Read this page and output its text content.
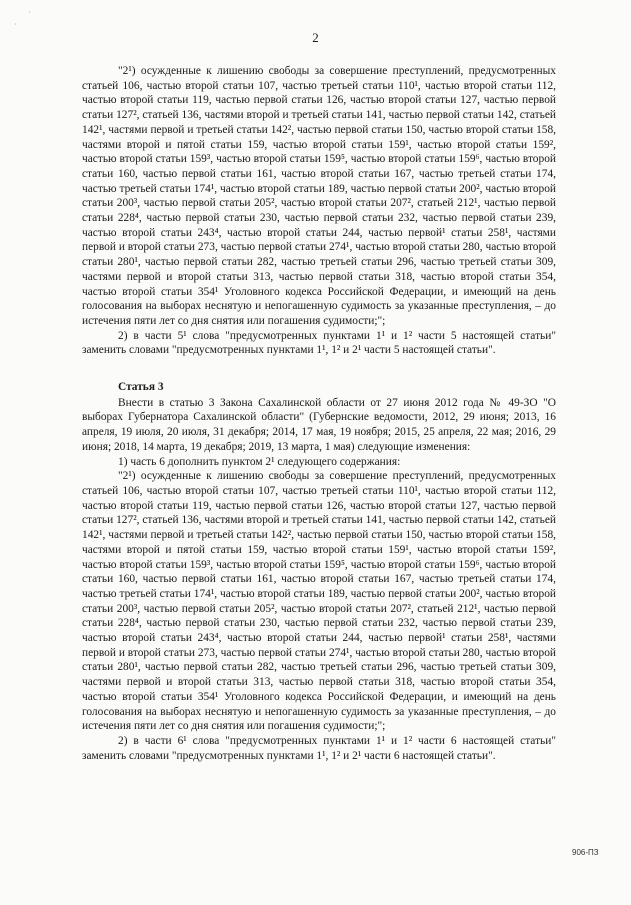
·
·
2

"2¹) осужденные к лишению свободы за совершение преступлений, предусмотренных статьей 106, частью второй статьи 107, частью третьей статьи 110¹, частью второй статьи 112, частью второй статьи 119, частью первой статьи 126, частью второй статьи 127, частью первой статьи 127², статьей 136, частями второй и третьей статьи 141, частью первой статьи 142, статьей 142¹, частями первой и третьей статьи 142², частью первой статьи 150, частью второй статьи 158, частями второй и пятой статьи 159, частью второй статьи 159¹, частью второй статьи 159², частью второй статьи 159³, частью второй статьи 159⁵, частью второй статьи 159⁶, частью второй статьи 160, частью первой статьи 161, частью второй статьи 167, частью третьей статьи 174, частью третьей статьи 174¹, частью второй статьи 189, частью первой статьи 200², частью второй статьи 200³, частью первой статьи 205², частью второй статьи 207², статьей 212¹, частью первой статьи 228⁴, частью первой статьи 230, частью первой статьи 232, частью первой статьи 239, частью второй статьи 243⁴, частью второй статьи 244, частью первой¹ статьи 258¹, частями первой и второй статьи 273, частью первой статьи 274¹, частью второй статьи 280, частью второй статьи 280¹, частью первой статьи 282, частью третьей статьи 296, частью третьей статьи 309, частями первой и второй статьи 313, частью первой статьи 318, частью второй статьи 354, частью второй статьи 354¹ Уголовного кодекса Российской Федерации, и имеющий на день голосования на выборах неснятую и непогашенную судимость за указанные преступления, – до истечения пяти лет со дня снятия или погашения судимости;";

2) в части 5¹ слова "предусмотренных пунктами 1¹ и 1² части 5 настоящей статьи" заменить словами "предусмотренных пунктами 1¹, 1² и 2¹ части 5 настоящей статьи".

Статья 3

Внести в статью 3 Закона Сахалинской области от 27 июня 2012 года № 49-ЗО "О выборах Губернатора Сахалинской области" (Губернские ведомости, 2012, 29 июня; 2013, 16 апреля, 19 июля, 20 июля, 31 декабря; 2014, 17 мая, 19 ноября; 2015, 25 апреля, 22 мая; 2016, 29 июня; 2018, 14 марта, 19 декабря; 2019, 13 марта, 1 мая) следующие изменения:

1) часть 6 дополнить пунктом 2¹ следующего содержания:

"2¹) осужденные к лишению свободы за совершение преступлений, предусмотренных статьей 106, частью второй статьи 107, частью третьей статьи 110¹, частью второй статьи 112, частью второй статьи 119, частью первой статьи 126, частью второй статьи 127, частью первой статьи 127², статьей 136, частями второй и третьей статьи 141, частью первой статьи 142, статьей 142¹, частями первой и третьей статьи 142², частью первой статьи 150, частью второй статьи 158, частями второй и пятой статьи 159, частью второй статьи 159¹, частью второй статьи 159², частью второй статьи 159³, частью второй статьи 159⁵, частью второй статьи 159⁶, частью второй статьи 160, частью первой статьи 161, частью второй статьи 167, частью третьей статьи 174, частью третьей статьи 174¹, частью второй статьи 189, частью первой статьи 200², частью второй статьи 200³, частью первой статьи 205², частью второй статьи 207², статьей 212¹, частью первой статьи 228⁴, частью первой статьи 230, частью первой статьи 232, частью первой статьи 239, частью второй статьи 243⁴, частью второй статьи 244, частью первой¹ статьи 258¹, частями первой и второй статьи 273, частью первой статьи 274¹, частью второй статьи 280, частью второй статьи 280¹, частью первой статьи 282, частью третьей статьи 296, частью третьей статьи 309, частями первой и второй статьи 313, частью первой статьи 318, частью второй статьи 354, частью второй статьи 354¹ Уголовного кодекса Российской Федерации, и имеющий на день голосования на выборах неснятую и непогашенную судимость за указанные преступления, – до истечения пяти лет со дня снятия или погашения судимости;";

2) в части 6¹ слова "предусмотренных пунктами 1¹ и 1² части 6 настоящей статьи" заменить словами "предусмотренных пунктами 1¹, 1² и 2¹ части 6 настоящей статьи".

906-ПЗ
